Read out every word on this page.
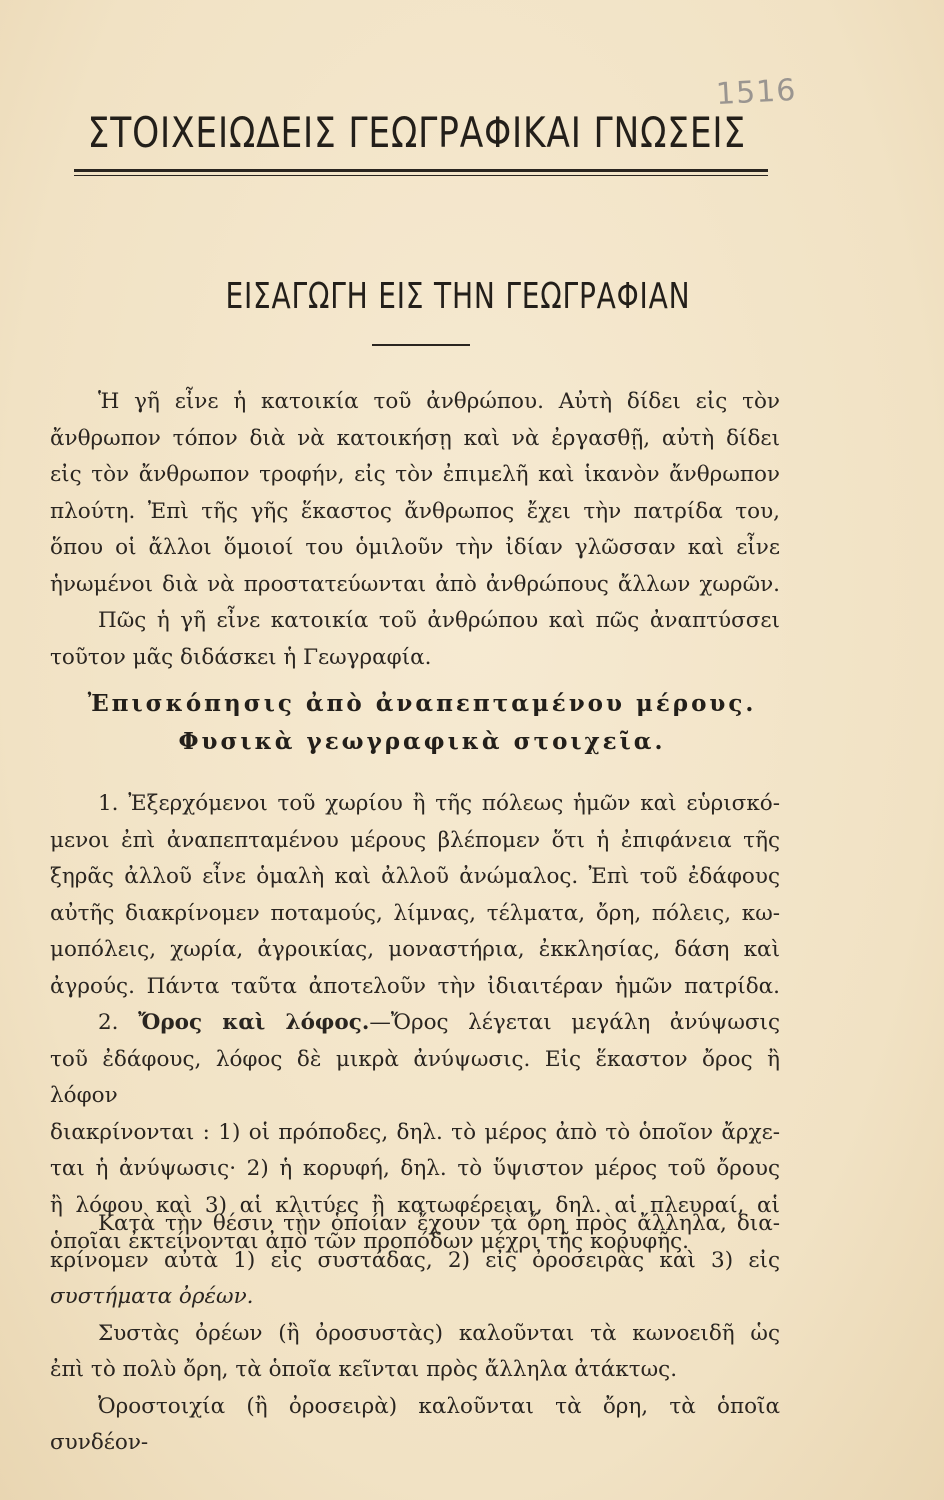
1516
ΣΤΟΙΧΕΙΩΔΕΙΣ ΓΕΩΓΡΑΦΙΚΑΙ ΓΝΩΣΕΙΣ
ΕΙΣΑΓΩΓΗ ΕΙΣ ΤΗΝ ΓΕΩΓΡΑΦΙΑΝ

Ἡ γῆ εἶνε ἡ κατοικία τοῦ ἀνθρώπου. Αὐτὴ δίδει εἰς τὸν

ἄνθρωπον τόπον διὰ νὰ κατοικήσῃ καὶ νὰ ἐργασθῇ, αὐτὴ δίδει

εἰς τὸν ἄνθρωπον τροφήν, εἰς τὸν ἐπιμελῆ καὶ ἱκανὸν ἄνθρωπον

πλούτη. Ἐπὶ τῆς γῆς ἕκαστος ἄνθρωπος ἔχει τὴν πατρίδα του,

ὅπου οἱ ἄλλοι ὅμοιοί του ὁμιλοῦν τὴν ἰδίαν γλῶσσαν καὶ εἶνε

ἡνωμένοι διὰ νὰ προστατεύωνται ἀπὸ ἀνθρώπους ἄλλων χωρῶν.

Πῶς ἡ γῆ εἶνε κατοικία τοῦ ἀνθρώπου καὶ πῶς ἀναπτύσσει

τοῦτον μᾶς διδάσκει ἡ Γεωγραφία.

Ἐπισκόπησις ἀπὸ ἀναπεπταμένου μέρους.
Φυσικὰ γεωγραφικὰ στοιχεῖα.

1. Ἐξερχόμενοι τοῦ χωρίου ἢ τῆς πόλεως ἡμῶν καὶ εὑρισκό-

μενοι ἐπὶ ἀναπεπταμένου μέρους βλέπομεν ὅτι ἡ ἐπιφάνεια τῆς

ξηρᾶς ἀλλοῦ εἶνε ὁμαλὴ καὶ ἀλλοῦ ἀνώμαλος. Ἐπὶ τοῦ ἐδάφους

αὐτῆς διακρίνομεν ποταμούς, λίμνας, τέλματα, ὄρη, πόλεις, κω-

μοπόλεις, χωρία, ἀγροικίας, μοναστήρια, ἐκκλησίας, δάση καὶ

ἀγρούς. Πάντα ταῦτα ἀποτελοῦν τὴν ἰδιαιτέραν ἡμῶν πατρίδα.

2. Ὄρος καὶ λόφος.—Ὄρος λέγεται μεγάλη ἀνύψωσις

τοῦ ἐδάφους, λόφος δὲ μικρὰ ἀνύψωσις. Εἰς ἕκαστον ὄρος ἢ λόφον

διακρίνονται : 1) οἱ πρόποδες, δηλ. τὸ μέρος ἀπὸ τὸ ὁποῖον ἄρχε-

ται ἡ ἀνύψωσις· 2) ἡ κορυφή, δηλ. τὸ ὕψιστον μέρος τοῦ ὄρους

ἢ λόφου καὶ 3) αἱ κλιτύες ἢ κατωφέρειαι, δηλ. αἱ πλευραί, αἱ

ὁποῖαι ἐκτείνονται ἀπὸ τῶν προπόδων μέχρι τῆς κορυφῆς.

Κατὰ τὴν θέσιν τὴν ὁποίαν ἔχουν τὰ ὄρη πρὸς ἄλληλα, δια-

κρίνομεν αὐτὰ 1) εἰς συστάδας, 2) εἰς ὀροσειρὰς καὶ 3) εἰς

συστήματα ὀρέων.

Συστὰς ὀρέων (ἢ ὀροσυστὰς) καλοῦνται τὰ κωνοειδῆ ὡς

ἐπὶ τὸ πολὺ ὄρη, τὰ ὁποῖα κεῖνται πρὸς ἄλληλα ἀτάκτως.

Ὀροστοιχία (ἢ ὀροσειρὰ) καλοῦνται τὰ ὄρη, τὰ ὁποῖα συνδέον-
